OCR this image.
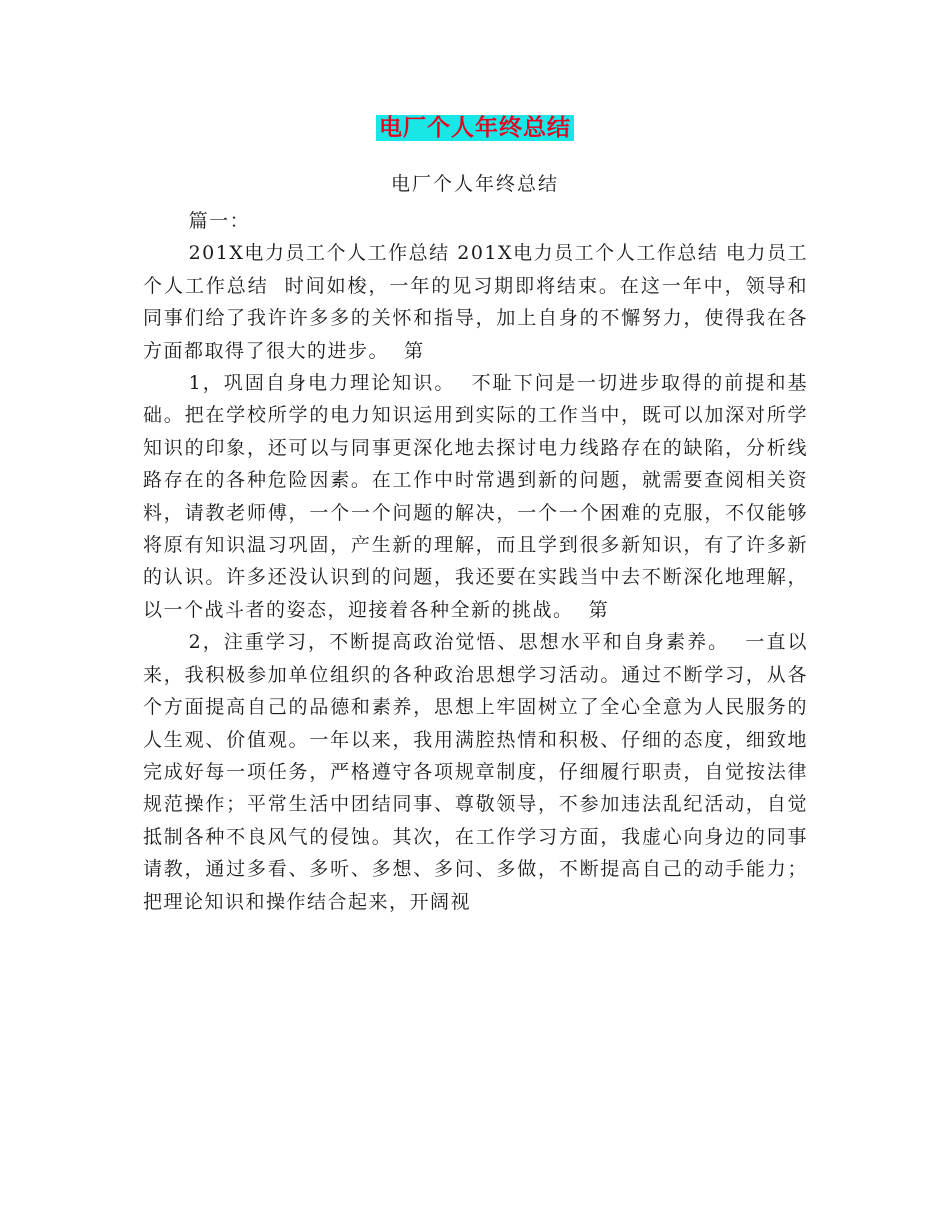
电厂个人年终总结
电厂个人年终总结

篇一：

201X电力员工个人工作总结 201X电力员工个人工作总结 电力员工个人工作总结  时间如梭，一年的见习期即将结束。在这一年中，领导和同事们给了我许许多多的关怀和指导，加上自身的不懈努力，使得我在各方面都取得了很大的进步。  第

1，巩固自身电力理论知识。  不耻下问是一切进步取得的前提和基础。把在学校所学的电力知识运用到实际的工作当中，既可以加深对所学知识的印象，还可以与同事更深化地去探讨电力线路存在的缺陷，分析线路存在的各种危险因素。在工作中时常遇到新的问题，就需要查阅相关资料，请教老师傅，一个一个问题的解决，一个一个困难的克服，不仅能够将原有知识温习巩固，产生新的理解，而且学到很多新知识，有了许多新的认识。许多还没认识到的问题，我还要在实践当中去不断深化地理解，以一个战斗者的姿态，迎接着各种全新的挑战。  第

2，注重学习，不断提高政治觉悟、思想水平和自身素养。  一直以来，我积极参加单位组织的各种政治思想学习活动。通过不断学习，从各个方面提高自己的品德和素养，思想上牢固树立了全心全意为人民服务的人生观、价值观。一年以来，我用满腔热情和积极、仔细的态度，细致地完成好每一项任务，严格遵守各项规章制度，仔细履行职责，自觉按法律规范操作；平常生活中团结同事、尊敬领导，不参加违法乱纪活动，自觉抵制各种不良风气的侵蚀。其次，在工作学习方面，我虚心向身边的同事请教，通过多看、多听、多想、多问、多做，不断提高自己的动手能力；把理论知识和操作结合起来，开阔视
